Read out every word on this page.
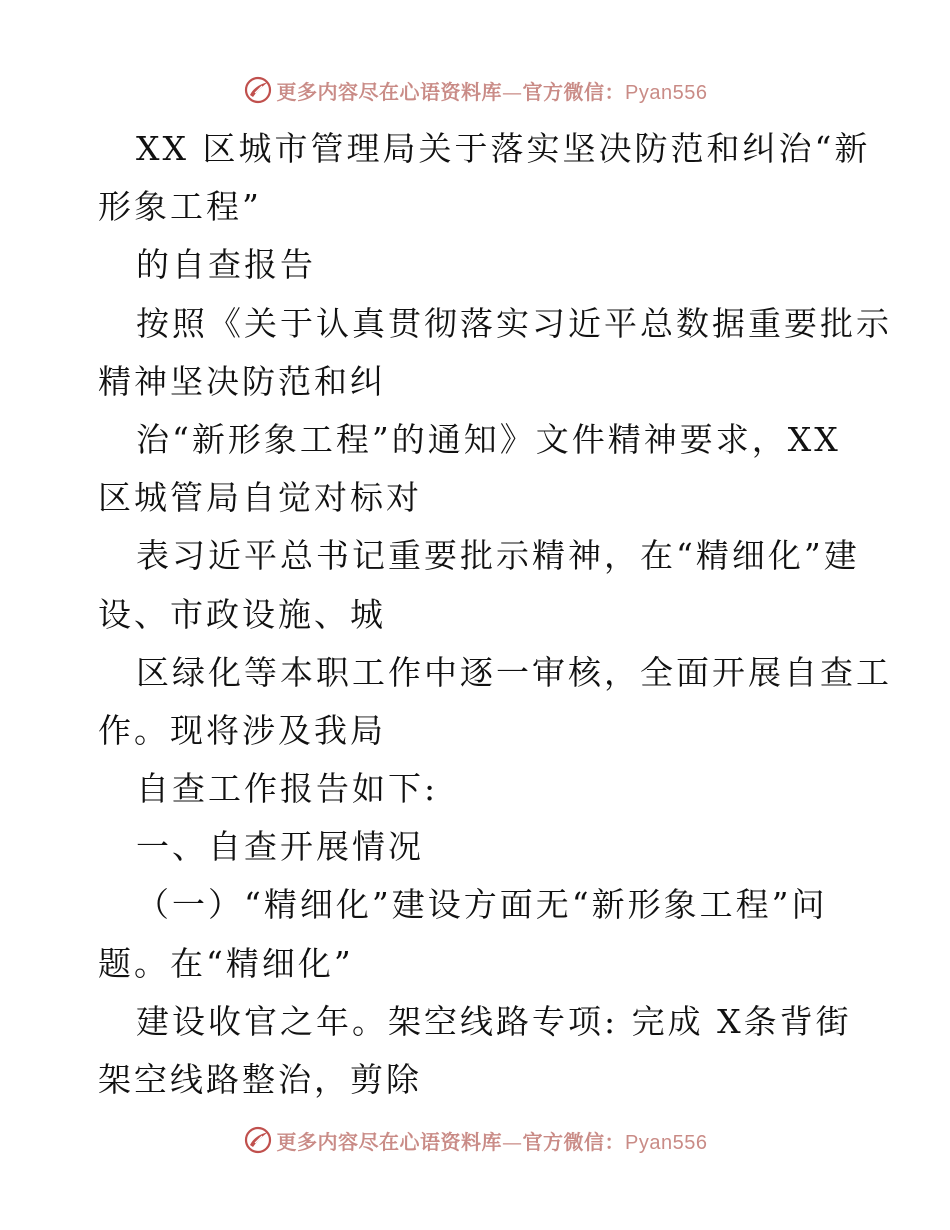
更多内容尽在心语资料库—官方微信：Pyan556
XX 区城市管理局关于落实坚决防范和纠治“新
形象工程”
的自查报告
按照《关于认真贯彻落实习近平总数据重要批示
精神坚决防范和纠
治“新形象工程”的通知》文件精神要求，XX
区城管局自觉对标对
表习近平总书记重要批示精神，在“精细化”建
设、市政设施、城
区绿化等本职工作中逐一审核，全面开展自查工
作。现将涉及我局
自查工作报告如下:
一、自查开展情况
（一）“精细化”建设方面无“新形象工程”问
题。在“精细化”
建设收官之年。架空线路专项: 完成 X条背街
架空线路整治，剪除
更多内容尽在心语资料库—官方微信：Pyan556
